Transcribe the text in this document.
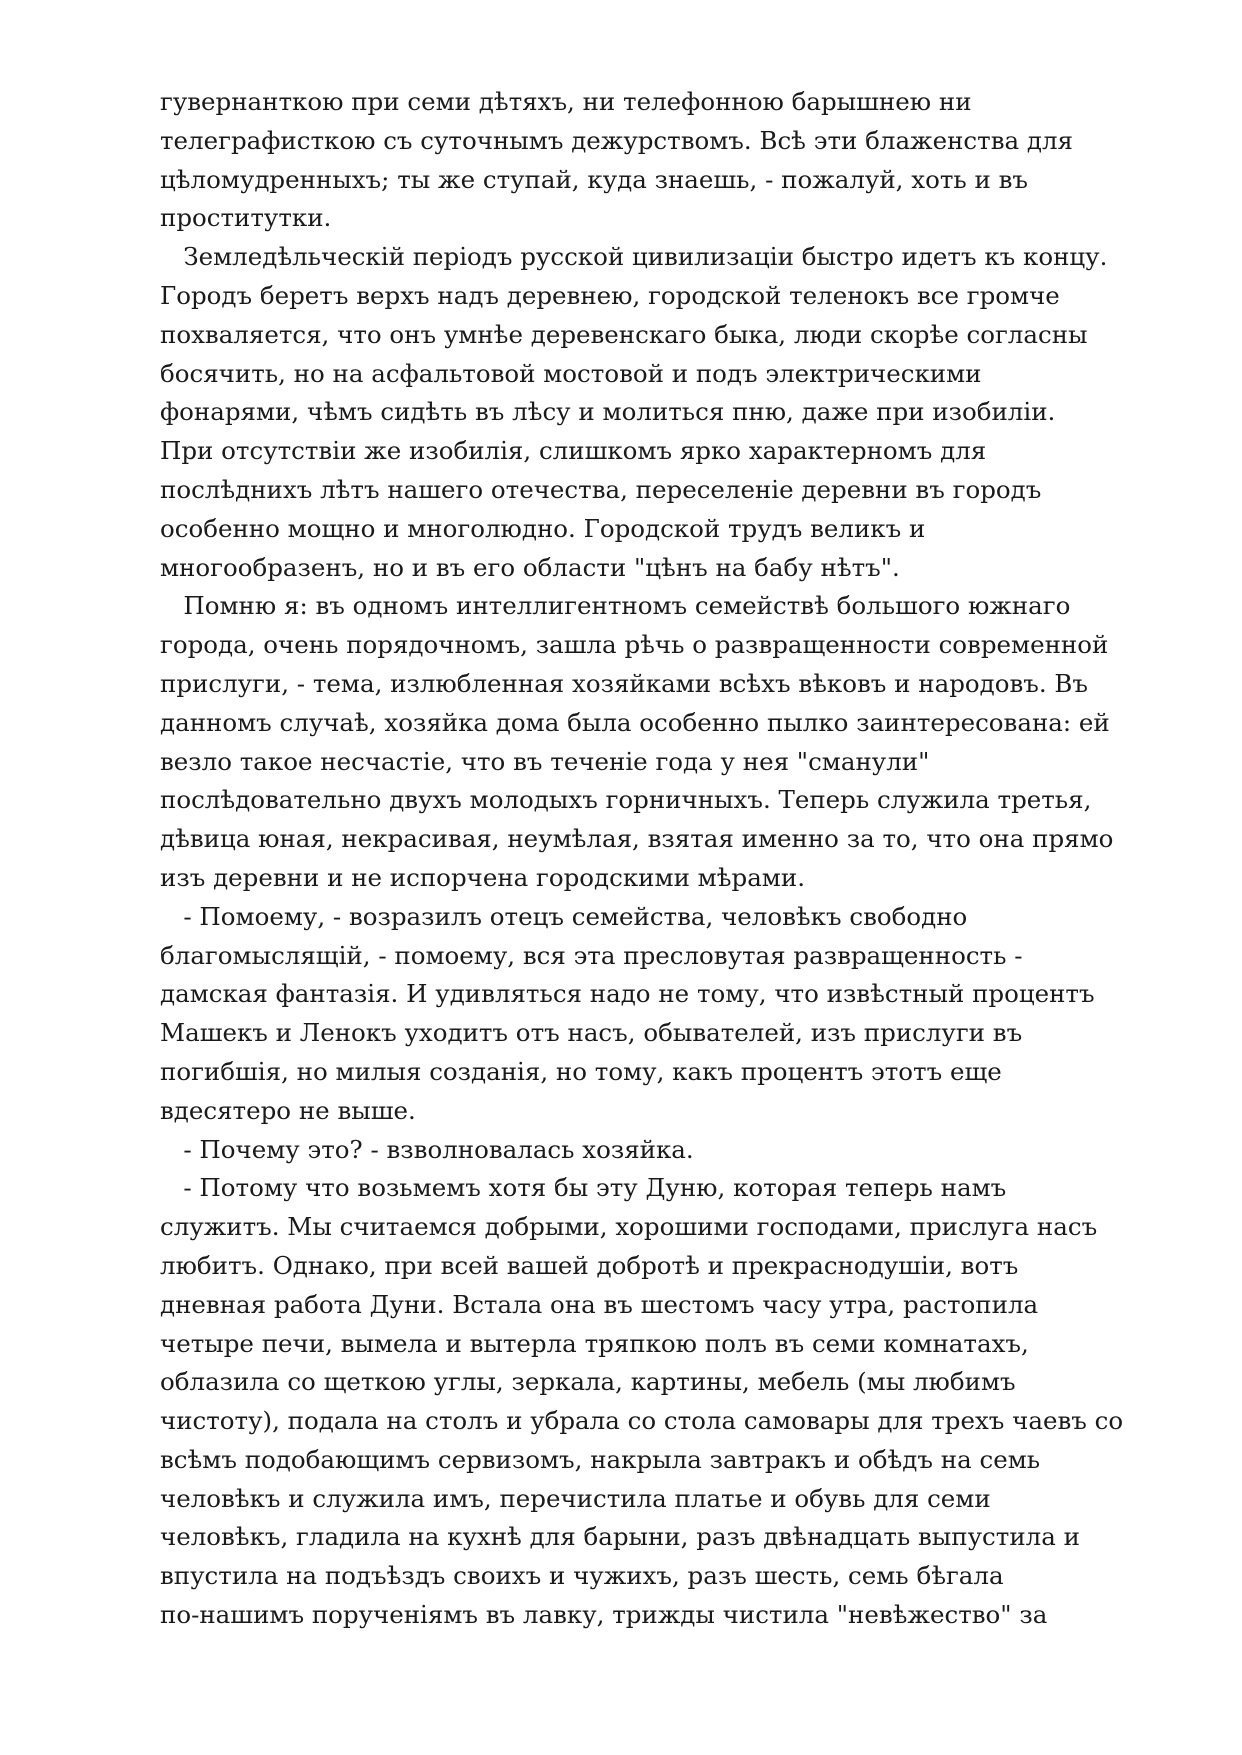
гувернанткою при семи дѣтяхъ, ни телефонною барышнею ни
телеграфисткою съ суточнымъ дежурствомъ. Всѣ эти блаженства для
цѣломудренныхъ; ты же ступай, куда знаешь, - пожалуй, хоть и въ
проститутки.
Земледѣльческій періодъ русской цивилизаціи быстро идетъ къ концу.
Городъ беретъ верхъ надъ деревнею, городской теленокъ все громче
похваляется, что онъ умнѣе деревенскаго быка, люди скорѣе согласны
босячить, но на асфальтовой мостовой и подъ электрическими
фонарями, чѣмъ сидѣть въ лѣсу и молиться пню, даже при изобиліи.
При отсутствіи же изобилія, слишкомъ ярко характерномъ для
послѣднихъ лѣтъ нашего отечества, переселеніе деревни въ городъ
особенно мощно и многолюдно. Городской трудъ великъ и
многообразенъ, но и въ его области "цѣнъ на бабу нѣтъ".
Помню я: въ одномъ интеллигентномъ семействѣ большого южнаго
города, очень порядочномъ, зашла рѣчь о развращенности современной
прислуги, - тема, излюбленная хозяйками всѣхъ вѣковъ и народовъ. Въ
данномъ случаѣ, хозяйка дома была особенно пылко заинтересована: ей
везло такое несчастіе, что въ теченіе года у нея "сманули"
послѣдовательно двухъ молодыхъ горничныхъ. Теперь служила третья,
дѣвица юная, некрасивая, неумѣлая, взятая именно за то, что она прямо
изъ деревни и не испорчена городскими мѣрами.
- Помоему, - возразилъ отецъ семейства, человѣкъ свободно
благомыслящій, - помоему, вся эта пресловутая развращенность -
дамская фантазія. И удивляться надо не тому, что извѣстный процентъ
Машекъ и Ленокъ уходитъ отъ насъ, обывателей, изъ прислуги въ
погибшія, но милыя созданія, но тому, какъ процентъ этотъ еще
вдесятеро не выше.
- Почему это? - взволновалась хозяйка.
- Потому что возьмемъ хотя бы эту Дуню, которая теперь намъ
служитъ. Мы считаемся добрыми, хорошими господами, прислуга насъ
любитъ. Однако, при всей вашей добротѣ и прекраснодушіи, вотъ
дневная работа Дуни. Встала она въ шестомъ часу утра, растопила
четыре печи, вымела и вытерла тряпкою полъ въ семи комнатахъ,
облазила со щеткою углы, зеркала, картины, мебель (мы любимъ
чистоту), подала на столъ и убрала со стола самовары для трехъ чаевъ со
всѣмъ подобающимъ сервизомъ, накрыла завтракъ и обѣдъ на семь
человѣкъ и служила имъ, перечистила платье и обувь для семи
человѣкъ, гладила на кухнѣ для барыни, разъ двѣнадцать выпустила и
впустила на подъѣздъ своихъ и чужихъ, разъ шесть, семь бѣгала
по-нашимъ порученіямъ въ лавку, трижды чистила "невѣжество" за
